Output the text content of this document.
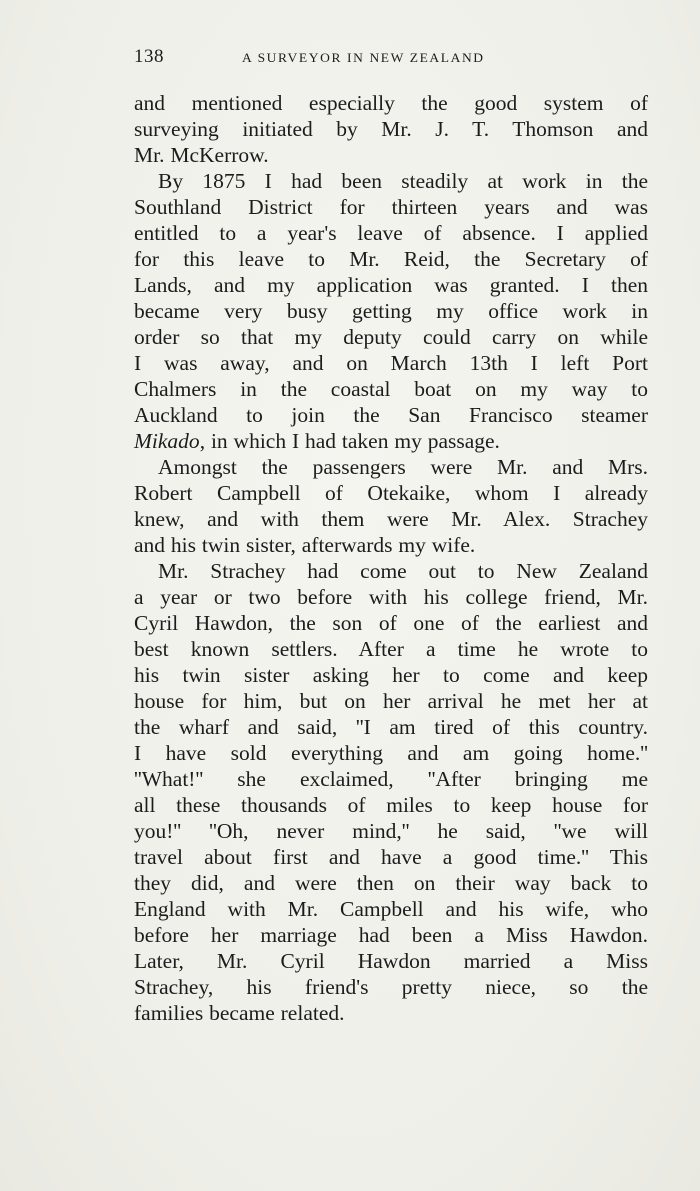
138	A SURVEYOR IN NEW ZEALAND
and mentioned especially the good system of
surveying initiated by Mr. J. T. Thomson and
Mr. McKerrow.
By 1875 I had been steadily at work in the
Southland District for thirteen years and was
entitled to a year's leave of absence. I applied
for this leave to Mr. Reid, the Secretary of
Lands, and my application was granted. I then
became very busy getting my office work in
order so that my deputy could carry on while
I was away, and on March 13th I left Port
Chalmers in the coastal boat on my way to
Auckland to join the San Francisco steamer
Mikado, in which I had taken my passage.
Amongst the passengers were Mr. and Mrs.
Robert Campbell of Otekaike, whom I already
knew, and with them were Mr. Alex. Strachey
and his twin sister, afterwards my wife.
Mr. Strachey had come out to New Zealand
a year or two before with his college friend, Mr.
Cyril Hawdon, the son of one of the earliest and
best known settlers. After a time he wrote to
his twin sister asking her to come and keep
house for him, but on her arrival he met her at
the wharf and said, ''I am tired of this country.
I have sold everything and am going home.''
''What!'' she exclaimed, ''After bringing me
all these thousands of miles to keep house for
you!'' ''Oh, never mind,'' he said, ''we will
travel about first and have a good time.'' This
they did, and were then on their way back to
England with Mr. Campbell and his wife, who
before her marriage had been a Miss Hawdon.
Later, Mr. Cyril Hawdon married a Miss
Strachey, his friend's pretty niece, so the
families became related.
